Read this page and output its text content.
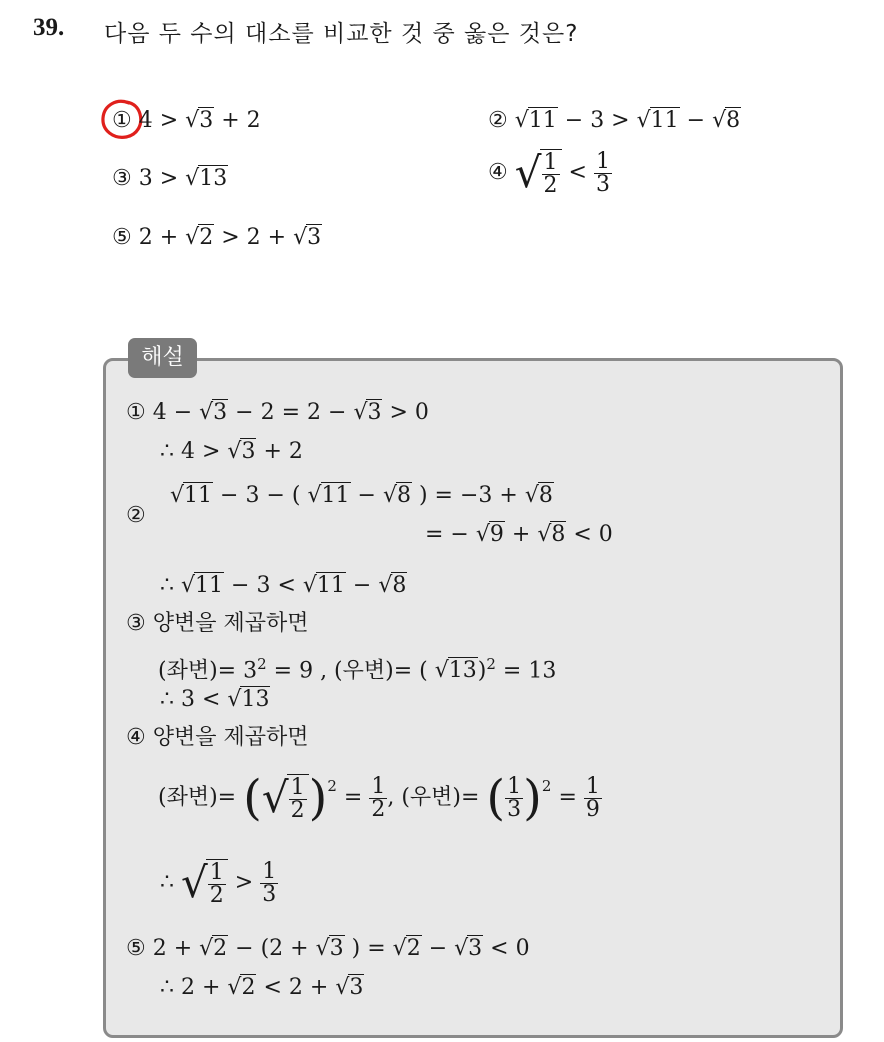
39. 다음 두 수의 대소를 비교한 것 중 옳은 것은?
① 4 > √ 3 + 2	② √ 11 − 3 > √ 11 − √ 8
③ 3 > √ 13	④ √ $\frac{1}{2} < \frac{1}{3}$
⑤ 2 + √ 2 > 2 + √ 3
해설
① 4 − √ 3 − 2 = 2 − √ 3 > 0
∴ 4 > √ 3 + 2
②
√ 11 − 3 − ( √ 11 − √ 8 ) = −3 + √ 8
= − √ 9 + √ 8 < 0
∴ √ 11 − 3 < √ 11 − √ 8
③ 양변을 제곱하면
(좌변)= $3^2 = 9$ , (우변)= ( √ 13)$^2$ = 13
∴ 3 < √ 13
④ 양변을 제곱하면
(좌변)= ( √ $\frac{1}{2} )^2 = \frac{1}{2}$ , (우변)= ( $\frac{1}{3} )^2 = \frac{1}{9}$
∴ √ $\frac{1}{2} > \frac{1}{3}$
⑤ 2 + √ 2 − (2 + √ 3 ) = √ 2 − √ 3 < 0
∴ 2 + √ 2 < 2 + √ 3
